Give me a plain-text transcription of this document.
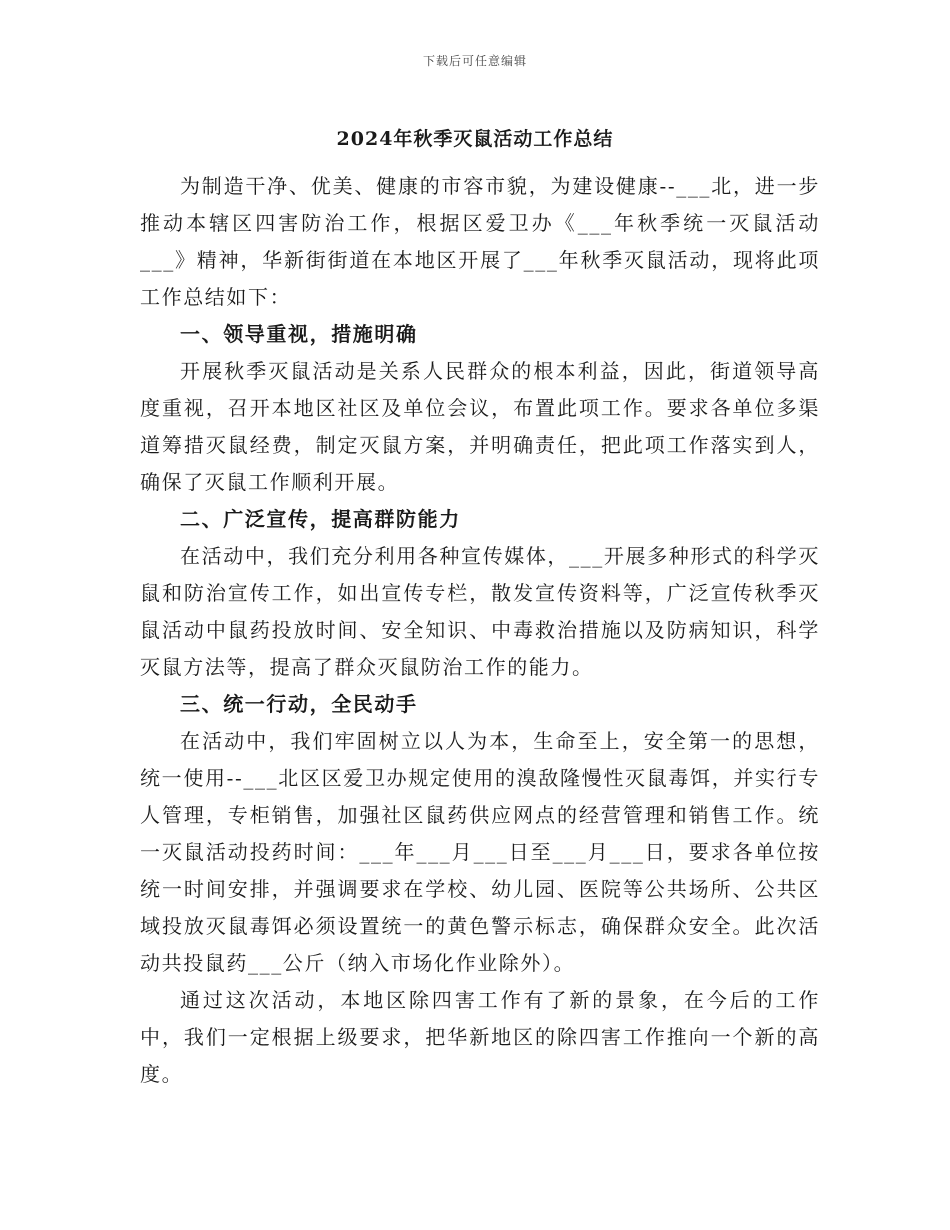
下载后可任意编辑
2024年秋季灭鼠活动工作总结

为制造干净、优美、健康的市容市貌，为建设健康--___北，进一步推动本辖区四害防治工作，根据区爱卫办《___年秋季统一灭鼠活动___》精神，华新街街道在本地区开展了___年秋季灭鼠活动，现将此项工作总结如下：

一、领导重视，措施明确

开展秋季灭鼠活动是关系人民群众的根本利益，因此，街道领导高度重视，召开本地区社区及单位会议，布置此项工作。要求各单位多渠道筹措灭鼠经费，制定灭鼠方案，并明确责任，把此项工作落实到人，确保了灭鼠工作顺利开展。

二、广泛宣传，提高群防能力

在活动中，我们充分利用各种宣传媒体，___开展多种形式的科学灭鼠和防治宣传工作，如出宣传专栏，散发宣传资料等，广泛宣传秋季灭鼠活动中鼠药投放时间、安全知识、中毒救治措施以及防病知识，科学灭鼠方法等，提高了群众灭鼠防治工作的能力。

三、统一行动，全民动手

在活动中，我们牢固树立以人为本，生命至上，安全第一的思想，统一使用--___北区区爱卫办规定使用的溴敌隆慢性灭鼠毒饵，并实行专人管理，专柜销售，加强社区鼠药供应网点的经营管理和销售工作。统一灭鼠活动投药时间：___年___月___日至___月___日，要求各单位按统一时间安排，并强调要求在学校、幼儿园、医院等公共场所、公共区域投放灭鼠毒饵必须设置统一的黄色警示标志，确保群众安全。此次活动共投鼠药___公斤（纳入市场化作业除外）。

通过这次活动，本地区除四害工作有了新的景象，在今后的工作中，我们一定根据上级要求，把华新地区的除四害工作推向一个新的高度。
